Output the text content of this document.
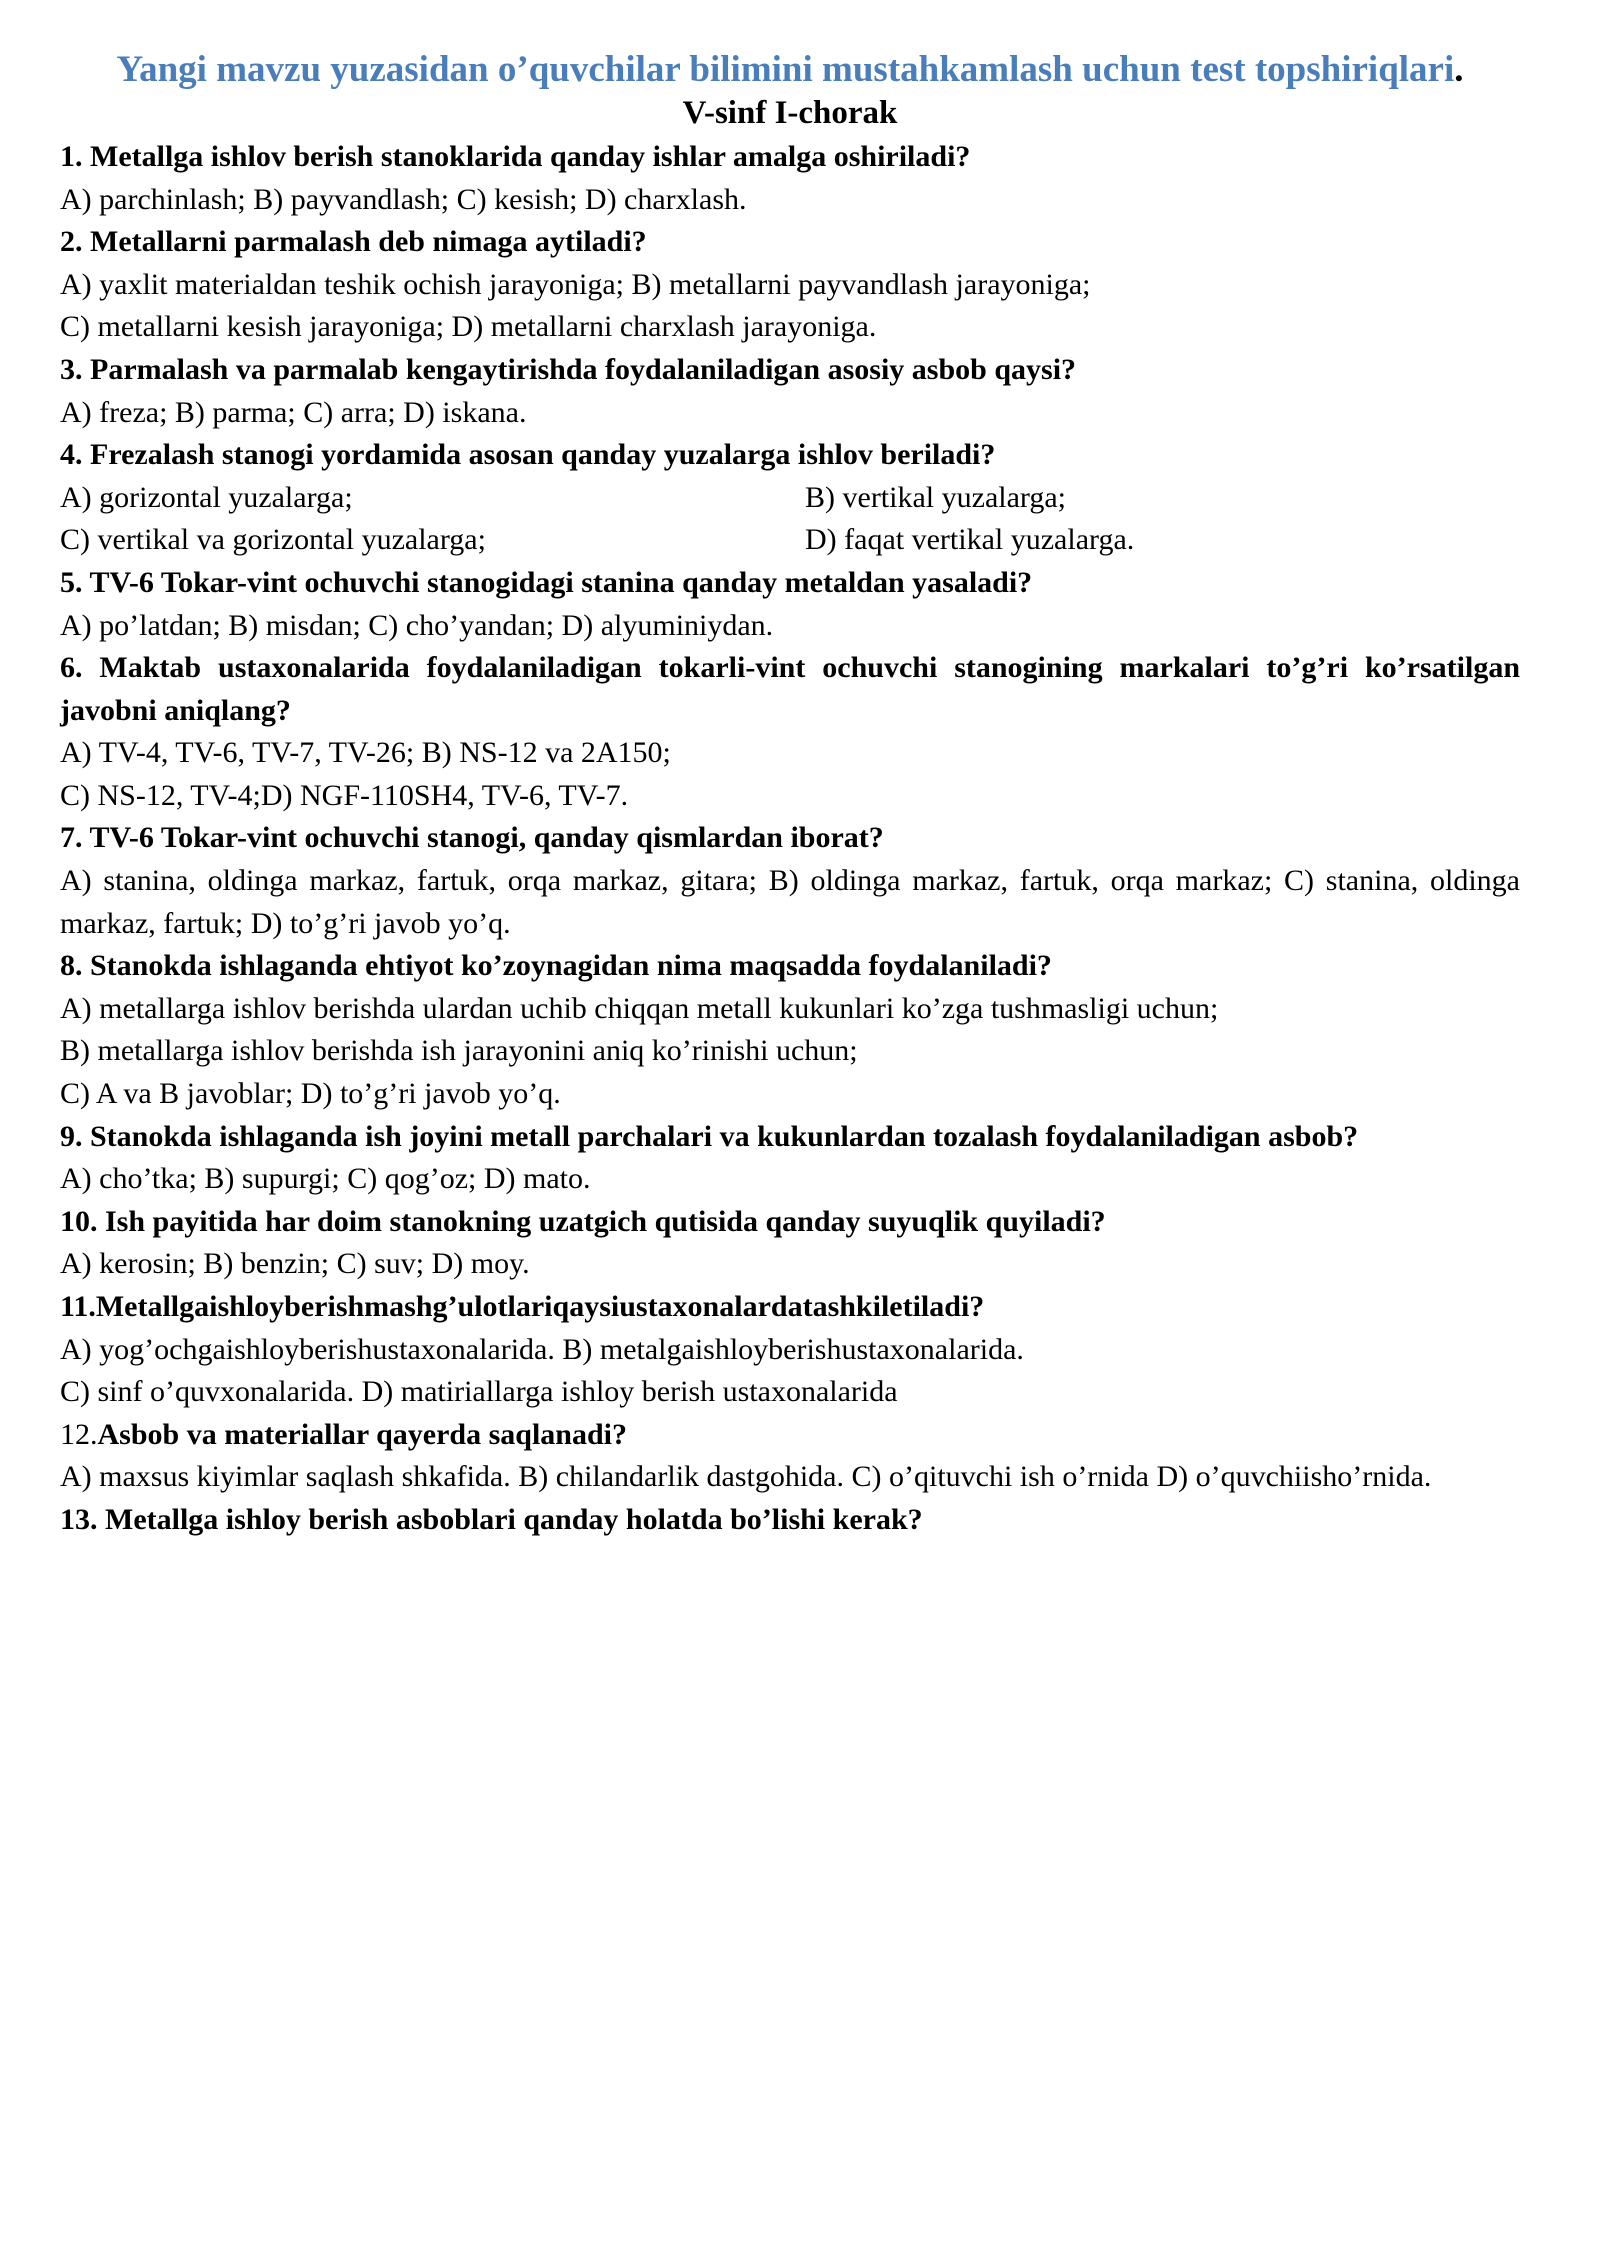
Yangi mavzu yuzasidan o’quvchilar bilimini mustahkamlash uchun test topshiriqlari.
V-sinf I-chorak

1. Metallga ishlov berish stanoklarida qanday ishlar amalga oshiriladi?

A) parchinlash; B) payvandlash; C) kesish; D) charxlash.

2. Metallarni parmalash deb nimaga aytiladi?

A) yaxlit materialdan teshik ochish jarayoniga; B) metallarni payvandlash jarayoniga;

C) metallarni kesish jarayoniga; D) metallarni charxlash jarayoniga.

3. Parmalash va parmalab kengaytirishda foydalaniladigan asosiy asbob qaysi?

A) freza; B) parma; C) arra; D) iskana.

4. Frezalash stanogi yordamida asosan qanday yuzalarga ishlov beriladi?

A) gorizontal yuzalarga;	B) vertikal yuzalarga;
C) vertikal va gorizontal yuzalarga;	D) faqat vertikal yuzalarga.

5. TV-6 Tokar-vint ochuvchi stanogidagi stanina qanday metaldan yasaladi?

A) po’latdan; B) misdan; C) cho’yandan; D) alyuminiydan.

6. Maktab ustaxonalarida foydalaniladigan tokarli-vint ochuvchi stanogining markalari to’g’ri ko’rsatilgan javobni aniqlang?

A) TV-4, TV-6, TV-7, TV-26; B) NS-12 va 2A150;

C) NS-12, TV-4;D) NGF-110SH4, TV-6, TV-7.

7. TV-6 Tokar-vint ochuvchi stanogi, qanday qismlardan iborat?

A) stanina, oldinga markaz, fartuk, orqa markaz, gitara; B) oldinga markaz, fartuk, orqa markaz; C) stanina, oldinga markaz, fartuk; D) to’g’ri javob yo’q.

8. Stanokda ishlaganda ehtiyot ko’zoynagidan nima maqsadda foydalaniladi?

A) metallarga ishlov berishda ulardan uchib chiqqan metall kukunlari ko’zga tushmasligi uchun;

B) metallarga ishlov berishda ish jarayonini aniq ko’rinishi uchun;

C) A va B javoblar; D) to’g’ri javob yo’q.

9. Stanokda ishlaganda ish joyini metall parchalari va kukunlardan tozalash foydalaniladigan asbob?

A) cho’tka; B) supurgi; C) qog’oz; D) mato.

10. Ish payitida har doim stanokning uzatgich qutisida qanday suyuqlik quyiladi?

A) kerosin; B) benzin; C) suv; D) moy.

11.Metallgaishloyberishmashg’ulotlariqaysiustaxonalardatashkiletiladi?

A) yog’ochgaishloyberishustaxonalarida. B) metalgaishloyberishustaxonalarida.

C) sinf o’quvxonalarida. D) matiriallarga ishloy berish ustaxonalarida

12.Asbob va materiallar qayerda saqlanadi?

A) maxsus kiyimlar saqlash shkafida. B) chilandarlik dastgohida. C) o’qituvchi ish o’rnida D) o’quvchiisho’rnida.

13. Metallga ishloy berish asboblari qanday holatda bo’lishi kerak?
